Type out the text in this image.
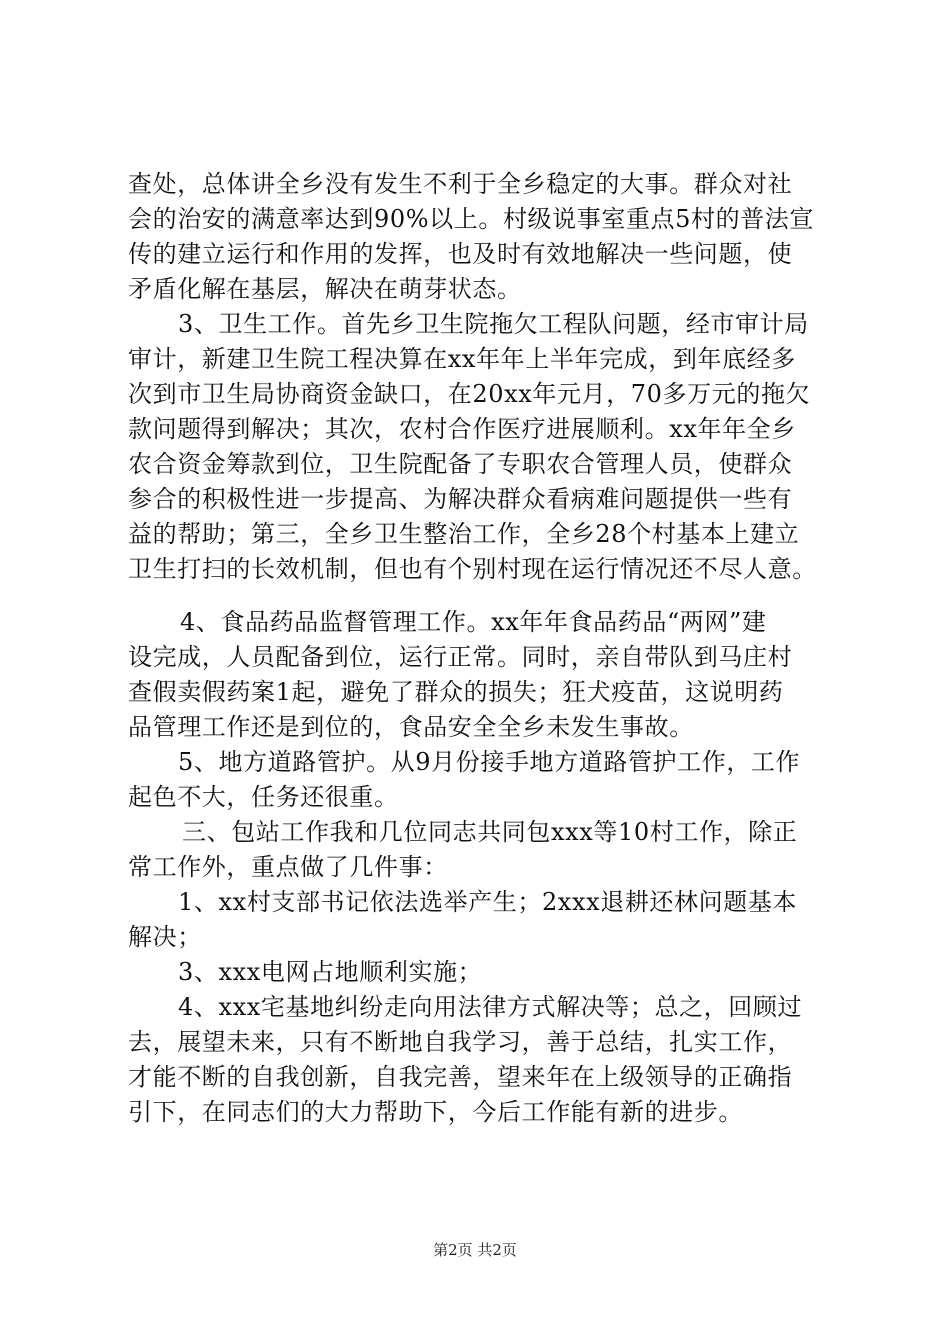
查处，总体讲全乡没有发生不利于全乡稳定的大事。群众对社
会的治安的满意率达到90%以上。村级说事室重点5村的普法宣
传的建立运行和作用的发挥，也及时有效地解决一些问题，使
矛盾化解在基层，解决在萌芽状态。
3、卫生工作。首先乡卫生院拖欠工程队问题，经市审计局
审计，新建卫生院工程决算在xx年年上半年完成，到年底经多
次到市卫生局协商资金缺口，在20xx年元月，70多万元的拖欠
款问题得到解决；其次，农村合作医疗进展顺利。xx年年全乡
农合资金筹款到位，卫生院配备了专职农合管理人员，使群众
参合的积极性进一步提高、为解决群众看病难问题提供一些有
益的帮助；第三，全乡卫生整治工作，全乡28个村基本上建立
卫生打扫的长效机制，但也有个别村现在运行情况还不尽人意。
4、食品药品监督管理工作。xx年年食品药品“两网”建
设完成，人员配备到位，运行正常。同时，亲自带队到马庄村
查假卖假药案1起，避免了群众的损失；狂犬疫苗，这说明药
品管理工作还是到位的，食品安全全乡未发生事故。
5、地方道路管护。从9月份接手地方道路管护工作，工作
起色不大，任务还很重。
三、包站工作我和几位同志共同包xxx等10村工作，除正
常工作外，重点做了几件事：
1、xx村支部书记依法选举产生；2xxx退耕还林问题基本
解决；
3、xxx电网占地顺利实施；
4、xxx宅基地纠纷走向用法律方式解决等；总之，回顾过
去，展望未来，只有不断地自我学习，善于总结，扎实工作，
才能不断的自我创新，自我完善，望来年在上级领导的正确指
引下，在同志们的大力帮助下，今后工作能有新的进步。
第2页 共2页
